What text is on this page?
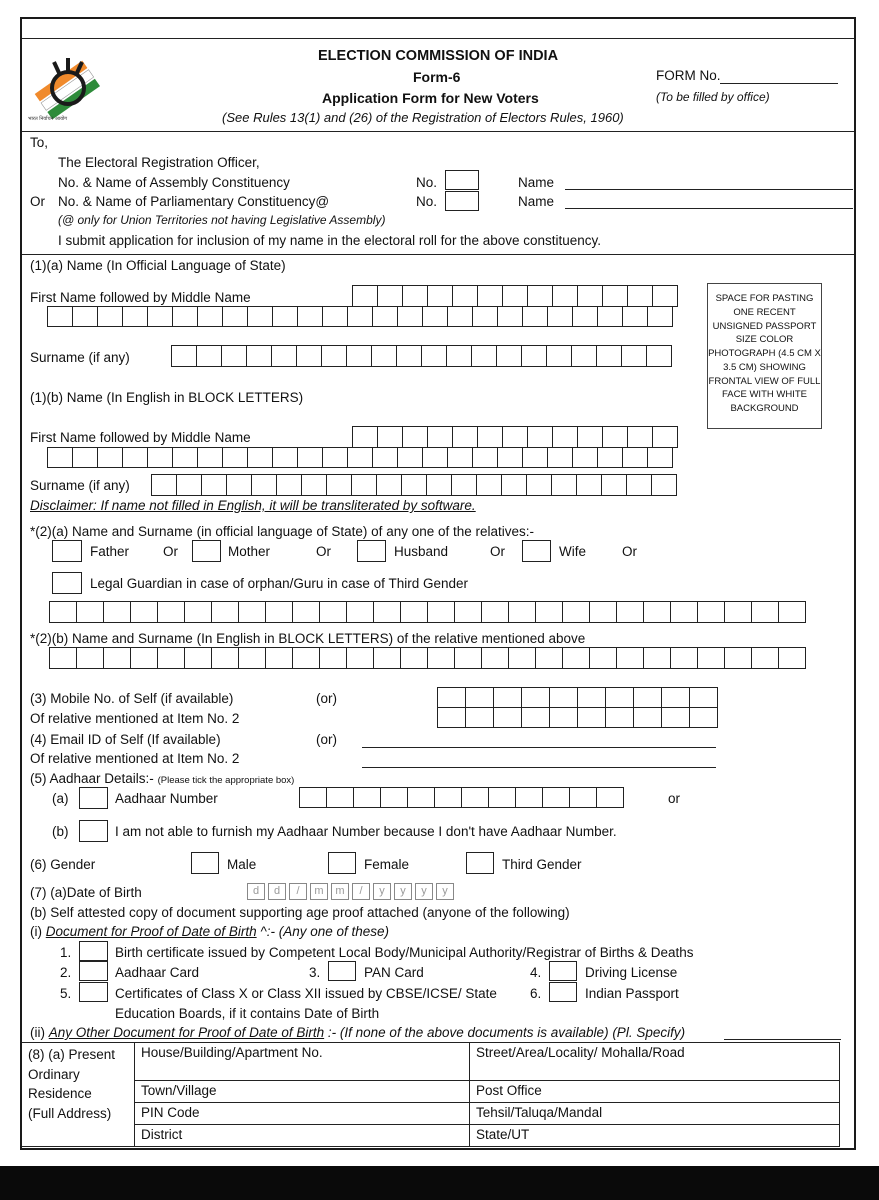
भारत निर्वाचन आयोग
ELECTION COMMISSION OF INDIA
Form-6
Application Form for New Voters
(See Rules 13(1) and (26) of the Registration of Electors Rules, 1960)
FORM No.
(To be filled by office)
To,
The Electoral Registration Officer,
No. & Name of Assembly Constituency	No.	Name
Or No. & Name of Parliamentary Constituency@	No.	Name
(@ only for Union Territories not having Legislative Assembly)
I submit application for inclusion of my name in the electoral roll for the above constituency.
(1)(a) Name (In Official Language of State)
First Name followed by Middle Name
Surname (if any)
SPACE FOR PASTING ONE RECENT UNSIGNED PASSPORT SIZE COLOR PHOTOGRAPH (4.5 CM X 3.5 CM) SHOWING FRONTAL VIEW OF FULL FACE WITH WHITE BACKGROUND
(1)(b) Name (In English in BLOCK LETTERS)
First Name followed by Middle Name
Surname (if any)
Disclaimer: If name not filled in English, it will be transliterated by software.
*(2)(a) Name and Surname (in official language of State) of any one of the relatives:-
Father	Or	Mother	Or	Husband	Or	Wife	Or
Legal Guardian in case of orphan/Guru in case of Third Gender
*(2)(b) Name and Surname (In English in BLOCK LETTERS) of the relative mentioned above
(3) Mobile No. of Self (if available)	(or)
Of relative mentioned at Item No. 2
(4) Email ID of Self (If available)	(or)
Of relative mentioned at Item No. 2
(5) Aadhaar Details:- (Please tick the appropriate box)
(a)	Aadhaar Number	or
(b)	I am not able to furnish my Aadhaar Number because I don't have Aadhaar Number.
(6) Gender	Male	Female	Third Gender
(7) (a)Date of Birth	d	d	/	m	m	/	y	y	y	y
(b) Self attested copy of document supporting age proof attached (anyone of the following)
(i) Document for Proof of Date of Birth ^:- (Any one of these)
1.	Birth certificate issued by Competent Local Body/Municipal Authority/Registrar of Births & Deaths
2.	Aadhaar Card	3.	PAN Card	4.	Driving License
5.	Certificates of Class X or Class XII issued by CBSE/ICSE/ State
Education Boards, if it contains Date of Birth
6.	Indian Passport
(ii) Any Other Document for Proof of Date of Birth :- (If none of the above documents is available) (Pl. Specify)
(8) (a) Present
Ordinary
Residence
(Full Address)	House/Building/Apartment No.	Street/Area/Locality/ Mohalla/Road
	Town/Village	Post Office
	PIN Code	Tehsil/Taluqa/Mandal
	District	State/UT
